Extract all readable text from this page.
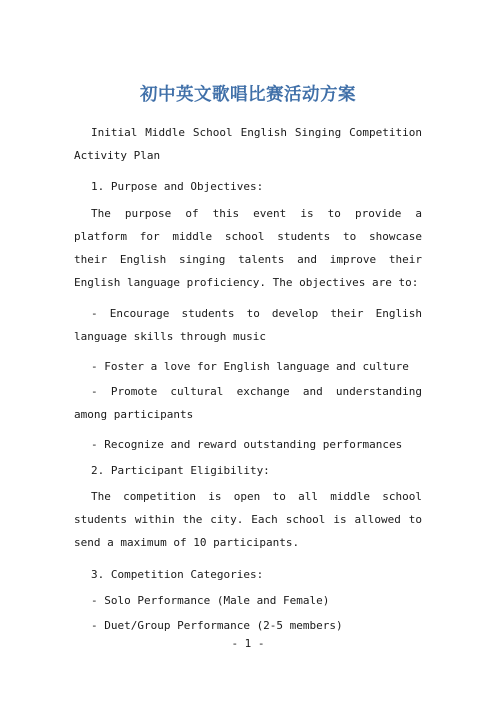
初中英文歌唱比赛活动方案

Initial Middle School English Singing Competition Activity Plan

1. Purpose and Objectives:

The purpose of this event is to provide a platform for middle school students to showcase their English singing talents and improve their English language proficiency. The objectives are to:

- Encourage students to develop their English language skills through music

- Foster a love for English language and culture

- Promote cultural exchange and understanding among participants

- Recognize and reward outstanding performances

2. Participant Eligibility:

The competition is open to all middle school students within the city. Each school is allowed to send a maximum of 10 participants.

3. Competition Categories:

- Solo Performance (Male and Female)

- Duet/Group Performance (2-5 members)

- 1 -
